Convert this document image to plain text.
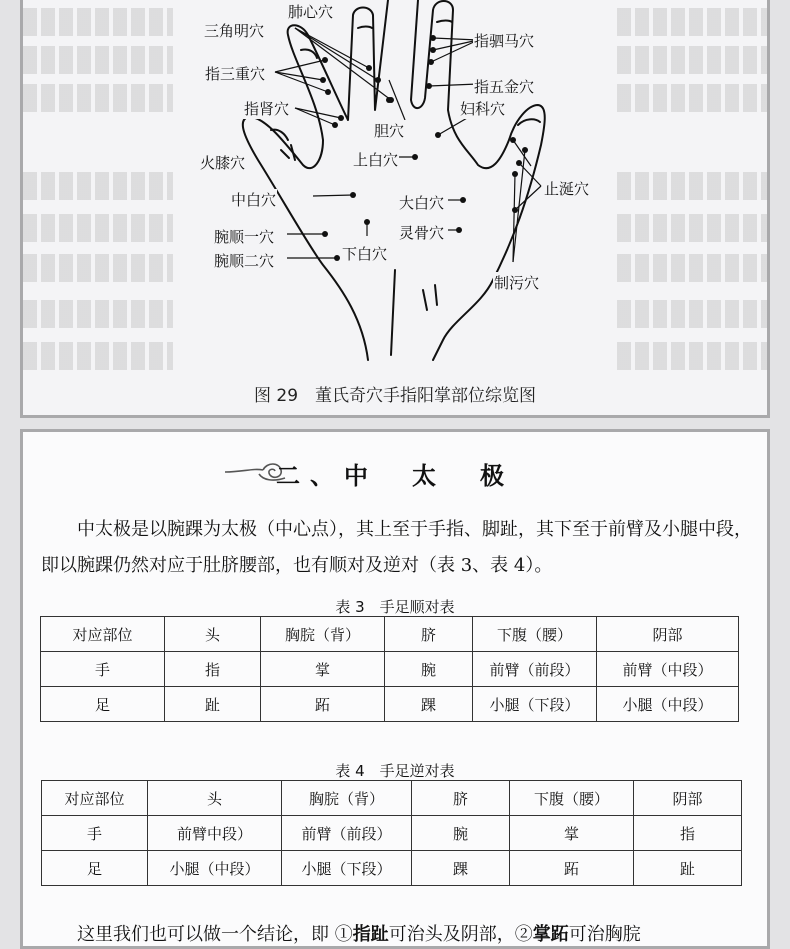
肺心穴
三角明穴
指三重穴
指肾穴
火膝穴
指驷马穴
指五金穴
妇科穴
胆穴
上白穴
止涎穴
中白穴	大白穴
灵骨穴
腕顺一穴
下白穴
腕顺二穴
制污穴
图 29　董氏奇穴手指阳掌部位综览图
二、中　太　极
中太极是以腕踝为太极（中心点），其上至于手指、脚趾，其下至于前臂及小腿中段，即以腕踝仍然对应于肚脐腰部，也有顺对及逆对（表 3、表 4）。
表 3　手足顺对表
对应部位	头	胸脘（背）	脐	下腹（腰）	阴部
手	指	掌	腕	前臂（前段）	前臂（中段）
足	趾	跖	踝	小腿（下段）	小腿（中段）
表 4　手足逆对表
对应部位	头	胸脘（背）	脐	下腹（腰）	阴部
手	前臂中段）	前臂（前段）	腕	掌	指
足	小腿（中段）	小腿（下段）	踝	跖	趾
这里我们也可以做一个结论，即 ①指趾可治头及阴部，②掌跖可治胸脘
